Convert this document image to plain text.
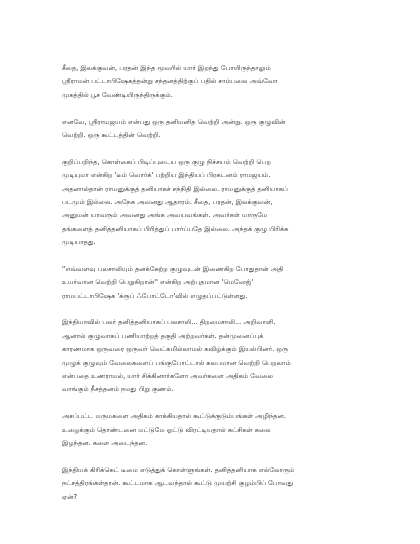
சீதை, இலக்குவன், பரதன் இந்த மூவரில் யார் இறந்து போயிருந்தாலும்
ஸ்ரீராமன் பட்டாபிஷேகத்தன்று சந்தனத்திற்குப் பதில் சாம்பலை அவ்வோ
முகத்தில் பூச வேண்டியிருந்திருக்கும்.
எனவே, ஸ்ரீராமஜயம் என்பது ஒரு தனிமனித வெற்றி அன்று. ஒரு குழுவின்
வெற்றி. ஒரு கூட்டத்தின் வெற்றி.
குறிப்பறிந்த, கொள்கைப் பிடிப்புடைய ஒரு குழு நிச்சயம் வெற்றி பெற
முடியுமா என்கிற 'டீம் வொர்க்' பற்றிய இந்தியப் பிரகடனம் ராமஜயம்.
அதனால்தான் ராமனுக்குத் தனியாகச் சந்நிதி இல்லை. ராமனுக்குத் தனியாகப்
படமும் இல்லை. அநேக அவனது ஆதாரம். சீதை, பரதன், இலக்குவன்,
அனுமன் யாவரும் அவனது அங்க அவயவங்கள். அவர்கள் யாருமே
தங்களைத் தனித்தனியாகப் பிரித்துப் பார்ப்பதே இல்லை. அந்தக் குழு பிரிக்க
முடியாதது.
''எவ்வளவு பலசாலியும் தனக்கேற்ற குழுவுடன் இணைகிற போதுதான் அதி
உயர்வான வெற்றி பெறுகிறான்'' என்கிற அற்புதமான 'மெஸேஜ்'
ராமபட்டாபிஷேக 'க்ரூப் ஃபோட்டோ'வில் எழுதப்பட்டுள்ளது.
இந்தியாவில் பலர் தனித்தனியாகப் பலசாலி... திறமைசாலி... அறிவாளி.
ஆனால் குழுவாகப் பணியாற்றத் தகுதி அற்றவர்கள். தன்முனைப்புக்
காரணமாக ஒருவரை ஒருவர் வெட்கமில்லாமல் கவிழ்க்கும் இயல்பினர். ஒரு
முழுக் குழுவும் வேலைகளைப் பங்குபோட்டால் சுலபமான வெற்றி பெறலாம்
என்பதை உணராமல், யார் சிக்கினார்களோ அவர்களை அதிகம் வேலை
வாங்கும் நீசத்தனம் நமது பிறு குணம்.
அசப்பட்ட மருமகளை அதிகம் காக்கியதால் கூட்டுக்குடும்பங்கள் அழிந்தன.
உழைக்கும் தொண்டனை மட்டுமே ஓட்டு விரட்டியதால் கட்சிகள் கலை
இழந்தன. களை அடைந்தன.
இந்தியக் கிரிக்கெட் டீமை எடுத்துக் கொள்ளுங்கள். தனித்தனியாக எல்லோரும்
நட்சத்திரங்கள்தான். கூட்டமாக ஆடவந்தால் கூட்டு முயற்சி குழம்பிப் போவது
ஏன்?
